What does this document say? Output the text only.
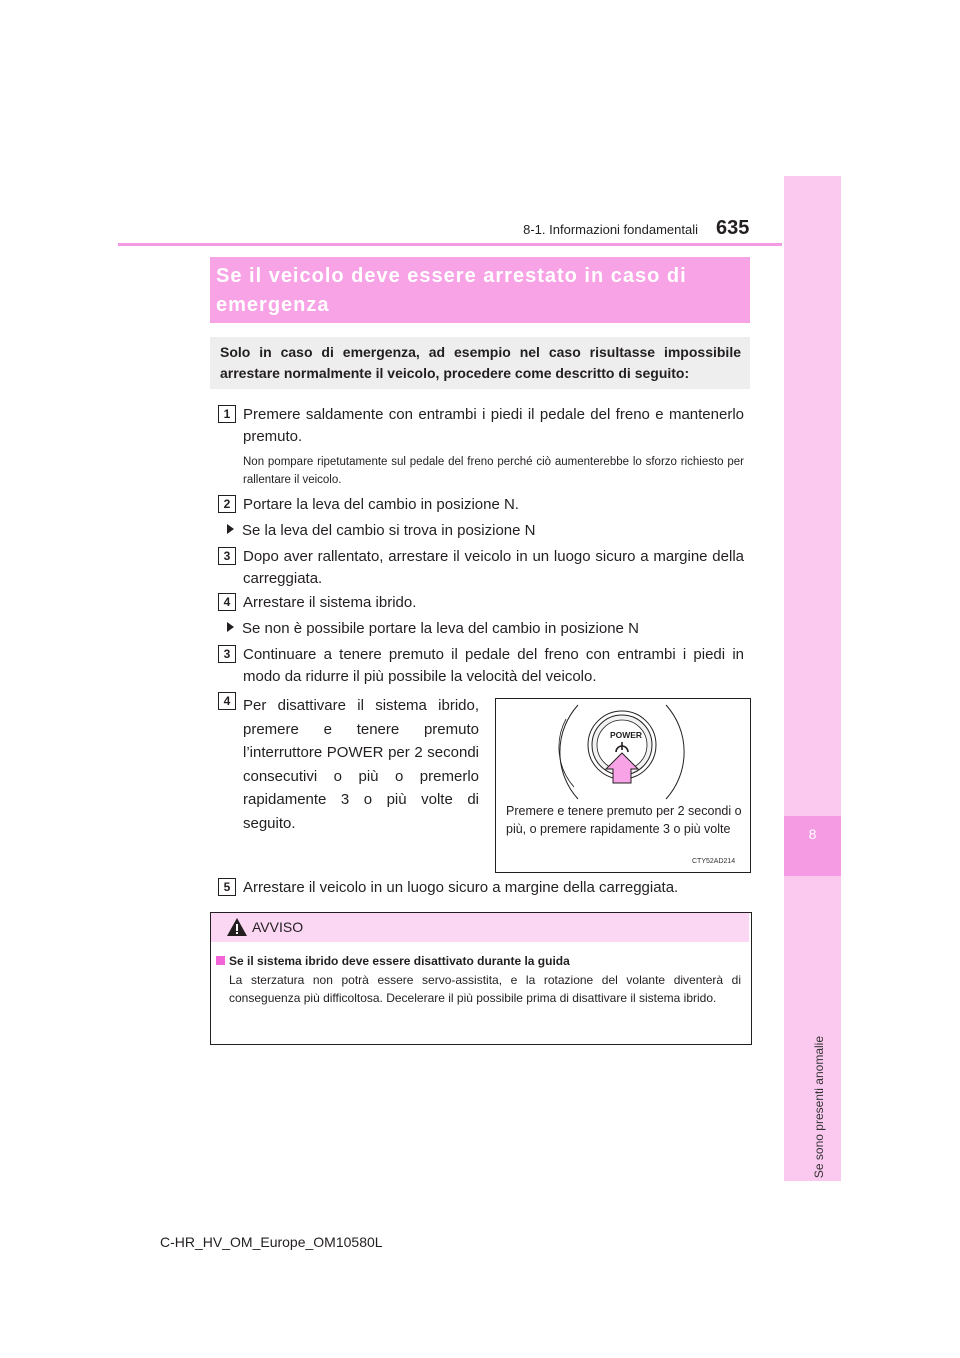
8
Se sono presenti anomalie
8-1. Informazioni fondamentali 635
Se il veicolo deve essere arrestato in caso di emergenza
Solo in caso di emergenza, ad esempio nel caso risultasse impossibile arrestare normalmente il veicolo, procedere come descritto di seguito:
1 Premere saldamente con entrambi i piedi il pedale del freno e mantenerlo premuto.
Non pompare ripetutamente sul pedale del freno perché ciò aumenterebbe lo sforzo richiesto per rallentare il veicolo.
2 Portare la leva del cambio in posizione N.
Se la leva del cambio si trova in posizione N
3 Dopo aver rallentato, arrestare il veicolo in un luogo sicuro a margine della carreggiata.
4 Arrestare il sistema ibrido.
Se non è possibile portare la leva del cambio in posizione N
3 Continuare a tenere premuto il pedale del freno con entrambi i piedi in modo da ridurre il più possibile la velocità del veicolo.
4 Per disattivare il sistema ibrido, premere e tenere premuto l’interruttore POWER per 2 secondi consecutivi o più o premerlo rapidamente 3 o più volte di seguito.
POWER
Premere e tenere premuto per 2 secondi o più, o premere rapidamente 3 o più volte
CTY52AD214
5 Arrestare il veicolo in un luogo sicuro a margine della carreggiata.
AVVISO
Se il sistema ibrido deve essere disattivato durante la guida
La sterzatura non potrà essere servo-assistita, e la rotazione del volante diventerà di conseguenza più difficoltosa. Decelerare il più possibile prima di disattivare il sistema ibrido.
C-HR_HV_OM_Europe_OM10580L
